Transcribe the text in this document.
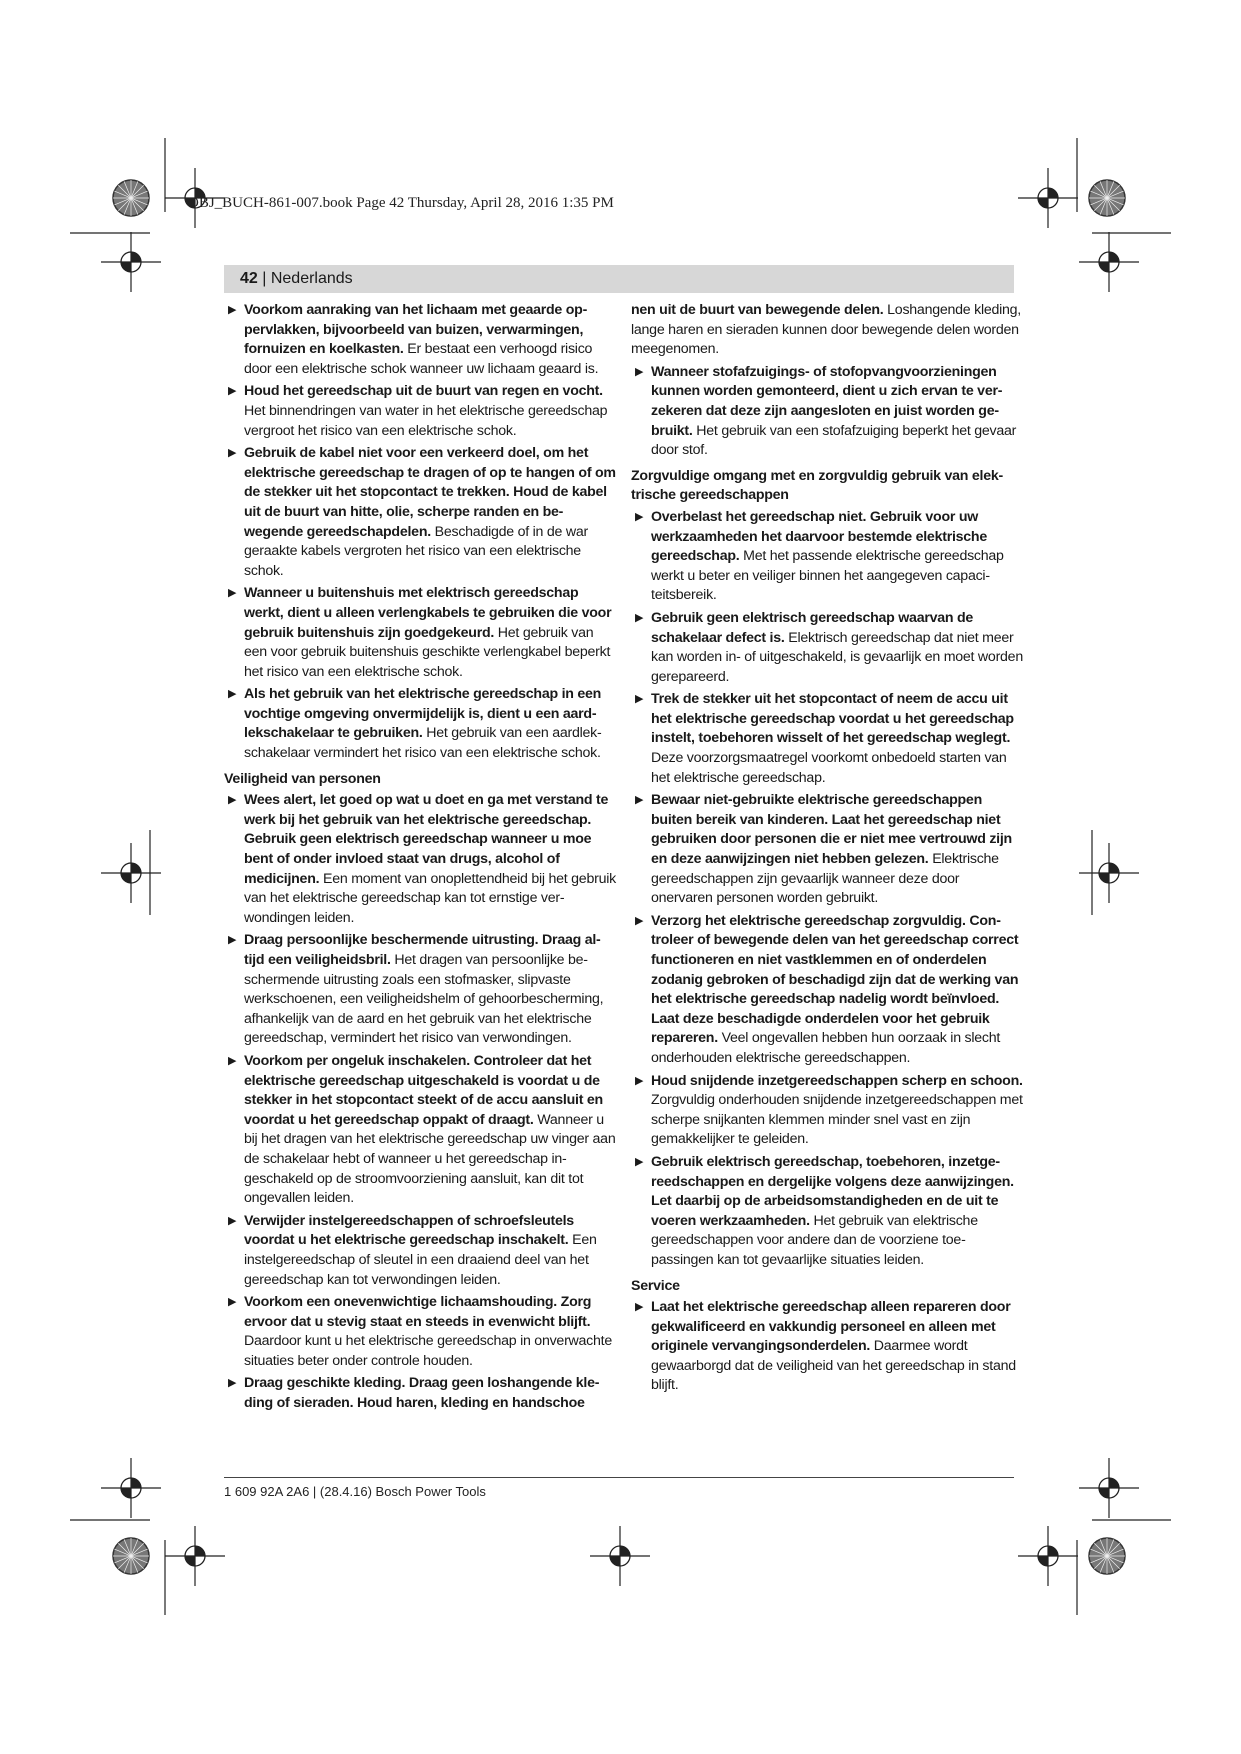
OBJ_BUCH-861-007.book Page 42 Thursday, April 28, 2016 1:35 PM
42 | Nederlands
▶ Voorkom aanraking van het lichaam met geaarde oppervlakken, bijvoorbeeld van buizen, verwarmingen, fornuizen en koelkasten. Er bestaat een verhoogd risico door een elektrische schok wanneer uw lichaam geaard is.
▶ Houd het gereedschap uit de buurt van regen en vocht. Het binnendringen van water in het elektrische gereedschap vergroot het risico van een elektrische schok.
▶ Gebruik de kabel niet voor een verkeerd doel, om het elektrische gereedschap te dragen of op te hangen of om de stekker uit het stopcontact te trekken. Houd de kabel uit de buurt van hitte, olie, scherpe randen en bewegende gereedschapdelen. Beschadigde of in de war geraakte kabels vergroten het risico van een elektrische schok.
▶ Wanneer u buitenshuis met elektrisch gereedschap werkt, dient u alleen verlengkabels te gebruiken die voor gebruik buitenshuis zijn goedgekeurd. Het gebruik van een voor gebruik buitenshuis geschikte verlengkabel beperkt het risico van een elektrische schok.
▶ Als het gebruik van het elektrische gereedschap in een vochtige omgeving onvermijdelijk is, dient u een aardlekschakelaar te gebruiken. Het gebruik van een aardlekschakelaar vermindert het risico van een elektrische schok.
Veiligheid van personen
▶ Wees alert, let goed op wat u doet en ga met verstand te werk bij het gebruik van het elektrische gereedschap. Gebruik geen elektrisch gereedschap wanneer u moe bent of onder invloed staat van drugs, alcohol of medicijnen. Een moment van onoplettendheid bij het gebruik van het elektrische gereedschap kan tot ernstige verwondingen leiden.
▶ Draag persoonlijke beschermende uitrusting. Draag altijd een veiligheidsbril. Het dragen van persoonlijke beschermende uitrusting zoals een stofmasker, slipvaste werkschoenen, een veiligheidshelm of gehoorbescherming, afhankelijk van de aard en het gebruik van het elektrische gereedschap, vermindert het risico van verwondingen.
▶ Voorkom per ongeluk inschakelen. Controleer dat het elektrische gereedschap uitgeschakeld is voordat u de stekker in het stopcontact steekt of de accu aansluit en voordat u het gereedschap oppakt of draagt. Wanneer u bij het dragen van het elektrische gereedschap uw vinger aan de schakelaar hebt of wanneer u het gereedschap ingeschakeld op de stroomvoorziening aansluit, kan dit tot ongevallen leiden.
▶ Verwijder instelgereedschappen of schroefsleutels voordat u het elektrische gereedschap inschakelt. Een instelgereedschap of sleutel in een draaiend deel van het gereedschap kan tot verwondingen leiden.
▶ Voorkom een onevenwichtige lichaamshouding. Zorg ervoor dat u stevig staat en steeds in evenwicht blijft. Daardoor kunt u het elektrische gereedschap in onverwachte situaties beter onder controle houden.
▶ Draag geschikte kleding. Draag geen loshangende kleding of sieraden. Houd haren, kleding en handschoe
nen uit de buurt van bewegende delen. Loshangende kleding, lange haren en sieraden kunnen door bewegende delen worden meegenomen.
▶ Wanneer stofafzuigings- of stofopvangvoorzieningen kunnen worden gemonteerd, dient u zich ervan te verzekeren dat deze zijn aangesloten en juist worden gebruikt. Het gebruik van een stofafzuiging beperkt het gevaar door stof.
Zorgvuldige omgang met en zorgvuldig gebruik van elektrische gereedschappen
▶ Overbelast het gereedschap niet. Gebruik voor uw werkzaamheden het daarvoor bestemde elektrische gereedschap. Met het passende elektrische gereedschap werkt u beter en veiliger binnen het aangegeven capaciteitsbereik.
▶ Gebruik geen elektrisch gereedschap waarvan de schakelaar defect is. Elektrisch gereedschap dat niet meer kan worden in- of uitgeschakeld, is gevaarlijk en moet worden gerepareerd.
▶ Trek de stekker uit het stopcontact of neem de accu uit het elektrische gereedschap voordat u het gereedschap instelt, toebehoren wisselt of het gereedschap weglegt. Deze voorzorgsmaatregel voorkomt onbedoeld starten van het elektrische gereedschap.
▶ Bewaar niet-gebruikte elektrische gereedschappen buiten bereik van kinderen. Laat het gereedschap niet gebruiken door personen die er niet mee vertrouwd zijn en deze aanwijzingen niet hebben gelezen. Elektrische gereedschappen zijn gevaarlijk wanneer deze door onervaren personen worden gebruikt.
▶ Verzorg het elektrische gereedschap zorgvuldig. Controleer of bewegende delen van het gereedschap correct functioneren en niet vastklemmen en of onderdelen zodanig gebroken of beschadigd zijn dat de werking van het elektrische gereedschap nadelig wordt beïnvloed. Laat deze beschadigde onderdelen voor het gebruik repareren. Veel ongevallen hebben hun oorzaak in slecht onderhouden elektrische gereedschappen.
▶ Houd snijdende inzetgereedschappen scherp en schoon. Zorgvuldig onderhouden snijdende inzetgereedschappen met scherpe snijkanten klemmen minder snel vast en zijn gemakkelijker te geleiden.
▶ Gebruik elektrisch gereedschap, toebehoren, inzetgereedschappen en dergelijke volgens deze aanwijzingen. Let daarbij op de arbeidsomstandigheden en de uit te voeren werkzaamheden. Het gebruik van elektrische gereedschappen voor andere dan de voorziene toepassingen kan tot gevaarlijke situaties leiden.
Service
▶ Laat het elektrische gereedschap alleen repareren door gekwalificeerd en vakkundig personeel en alleen met originele vervangingsonderdelen. Daarmee wordt gewaarborgd dat de veiligheid van het gereedschap in stand blijft.
1 609 92A 2A6 | (28.4.16) Bosch Power Tools
